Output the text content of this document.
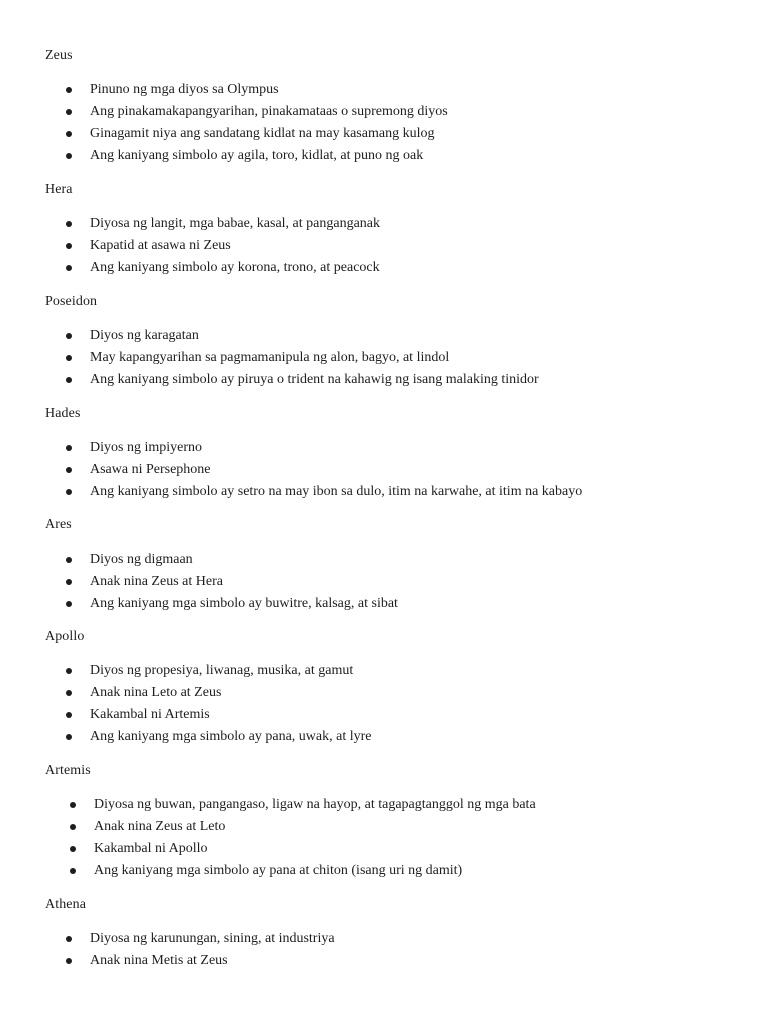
Zeus
Pinuno ng mga diyos sa Olympus
Ang pinakamakapangyarihan, pinakamataas o supremong diyos
Ginagamit niya ang sandatang kidlat na may kasamang kulog
Ang kaniyang simbolo ay agila, toro, kidlat, at puno ng oak
Hera
Diyosa ng langit, mga babae, kasal, at panganganak
Kapatid at asawa ni Zeus
Ang kaniyang simbolo ay korona, trono, at peacock
Poseidon
Diyos ng karagatan
May kapangyarihan sa pagmamanipula ng alon, bagyo, at lindol
Ang kaniyang simbolo ay piruya o trident na kahawig ng isang malaking tinidor
Hades
Diyos ng impiyerno
Asawa ni Persephone
Ang kaniyang simbolo ay setro na may ibon sa dulo, itim na karwahe, at itim na kabayo
Ares
Diyos ng digmaan
Anak nina Zeus at Hera
Ang kaniyang mga simbolo ay buwitre, kalsag, at sibat
Apollo
Diyos ng propesiya, liwanag, musika, at gamut
Anak nina Leto at Zeus
Kakambal ni Artemis
Ang kaniyang mga simbolo ay pana, uwak, at lyre
Artemis
Diyosa ng buwan, pangangaso, ligaw na hayop, at tagapagtanggol ng mga bata
Anak nina Zeus at Leto
Kakambal ni Apollo
Ang kaniyang mga simbolo ay pana at chiton (isang uri ng damit)
Athena
Diyosa ng karunungan, sining, at industriya
Anak nina Metis at Zeus
